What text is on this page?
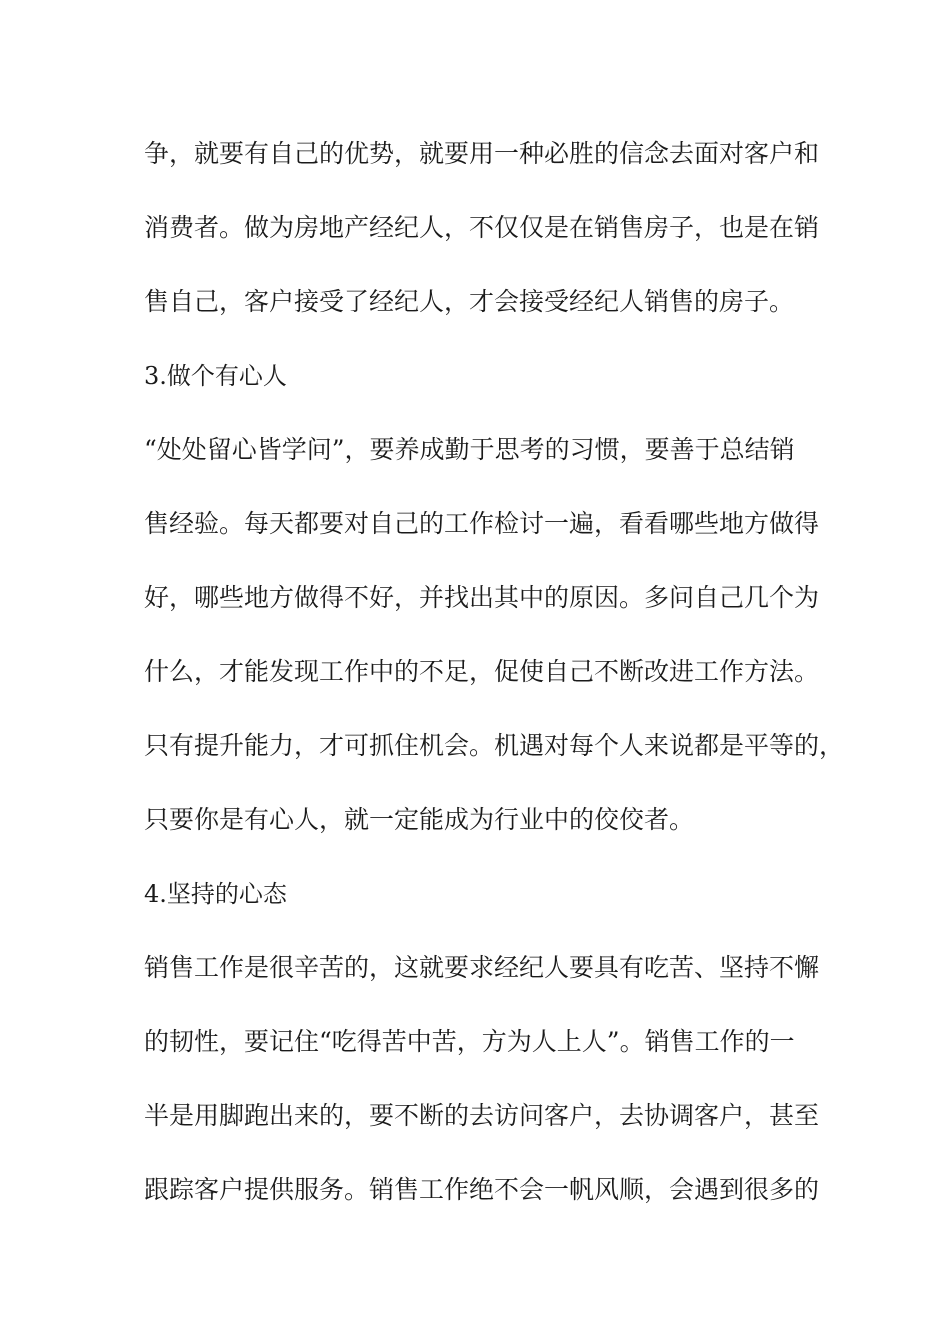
争，就要有自己的优势，就要用一种必胜的信念去面对客户和
消费者。做为房地产经纪人，不仅仅是在销售房子，也是在销
售自己，客户接受了经纪人，才会接受经纪人销售的房子。
3.做个有心人
“处处留心皆学问”，要养成勤于思考的习惯，要善于总结销
售经验。每天都要对自己的工作检讨一遍，看看哪些地方做得
好，哪些地方做得不好，并找出其中的原因。多问自己几个为
什么，才能发现工作中的不足，促使自己不断改进工作方法。
只有提升能力，才可抓住机会。机遇对每个人来说都是平等的，
只要你是有心人，就一定能成为行业中的佼佼者。
4.坚持的心态
销售工作是很辛苦的，这就要求经纪人要具有吃苦、坚持不懈
的韧性，要记住“吃得苦中苦，方为人上人”。销售工作的一
半是用脚跑出来的，要不断的去访问客户，去协调客户，甚至
跟踪客户提供服务。销售工作绝不会一帆风顺，会遇到很多的
